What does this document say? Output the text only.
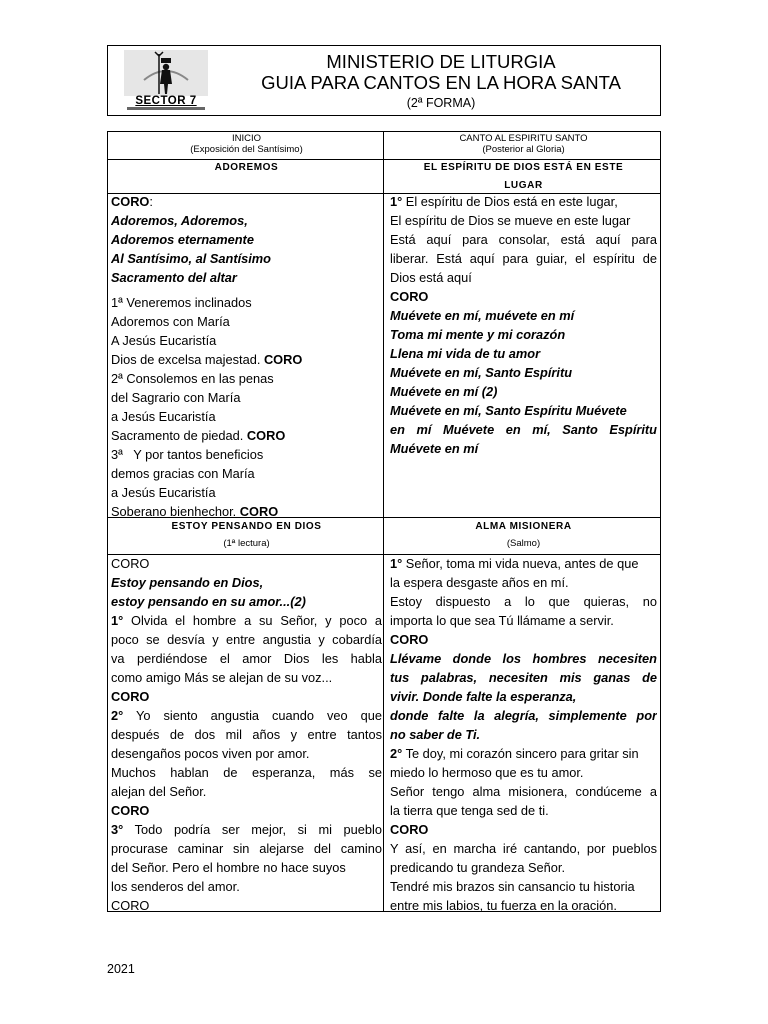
SECTOR 7
MINISTERIO DE LITURGIA
GUIA PARA CANTOS EN LA HORA SANTA
(2ª FORMA)
INICIO
(Exposición del Santísimo)
CANTO AL ESPIRITU SANTO
(Posterior al Gloria)
ADOREMOS	EL ESPÍRITU DE DIOS ESTÁ EN ESTE
LUGAR
CORO:
Adoremos, Adoremos,
Adoremos eternamente
Al Santísimo, al Santísimo
Sacramento del altar
1ª Veneremos inclinados
Adoremos con María
A Jesús Eucaristía
Dios de excelsa majestad. CORO
2ª Consolemos en las penas
del Sagrario con María
a Jesús Eucaristía
Sacramento de piedad. CORO
3ª   Y por tantos beneficios
demos gracias con María
a Jesús Eucaristía
Soberano bienhechor. CORO
1° El espíritu de Dios está en este lugar,
El espíritu de Dios se mueve en este lugar
Está aquí para consolar, está aquí para
liberar. Está aquí para guiar, el espíritu de
Dios está aquí
CORO
Muévete en mí, muévete en mí
Toma mi mente y mi corazón
Llena mi vida de tu amor
Muévete en mí, Santo Espíritu
Muévete en mí (2)
Muévete en mí, Santo Espíritu Muévete
en mí Muévete en mí, Santo Espíritu
Muévete en mí
ESTOY PENSANDO EN DIOS
(1ª lectura)
ALMA MISIONERA
(Salmo)
CORO
Estoy pensando en Dios,
estoy pensando en su amor...(2)
1° Olvida el hombre a su Señor, y poco a
poco se desvía y entre angustia y cobardía
va perdiéndose el amor Dios les habla
como amigo Más se alejan de su voz...
CORO
2° Yo siento angustia cuando veo que
después de dos mil años y entre tantos
desengaños pocos viven por amor.
Muchos hablan de esperanza, más se
alejan del Señor.
CORO
3° Todo podría ser mejor, si mi pueblo
procurase caminar sin alejarse del camino
del Señor. Pero el hombre no hace suyos
los senderos del amor.
CORO
1° Señor, toma mi vida nueva, antes de que
la espera desgaste años en mí.
Estoy dispuesto a lo que quieras, no
importa lo que sea Tú llámame a servir.
CORO
Llévame donde los hombres necesiten
tus palabras, necesiten mis ganas de
vivir. Donde falte la esperanza,
donde falte la alegría, simplemente por
no saber de Ti.
2° Te doy, mi corazón sincero para gritar sin
miedo lo hermoso que es tu amor.
Señor tengo alma misionera, condúceme a
la tierra que tenga sed de ti.
CORO
Y así, en marcha iré cantando, por pueblos
predicando tu grandeza Señor.
Tendré mis brazos sin cansancio tu historia
entre mis labios, tu fuerza en la oración.
2021
